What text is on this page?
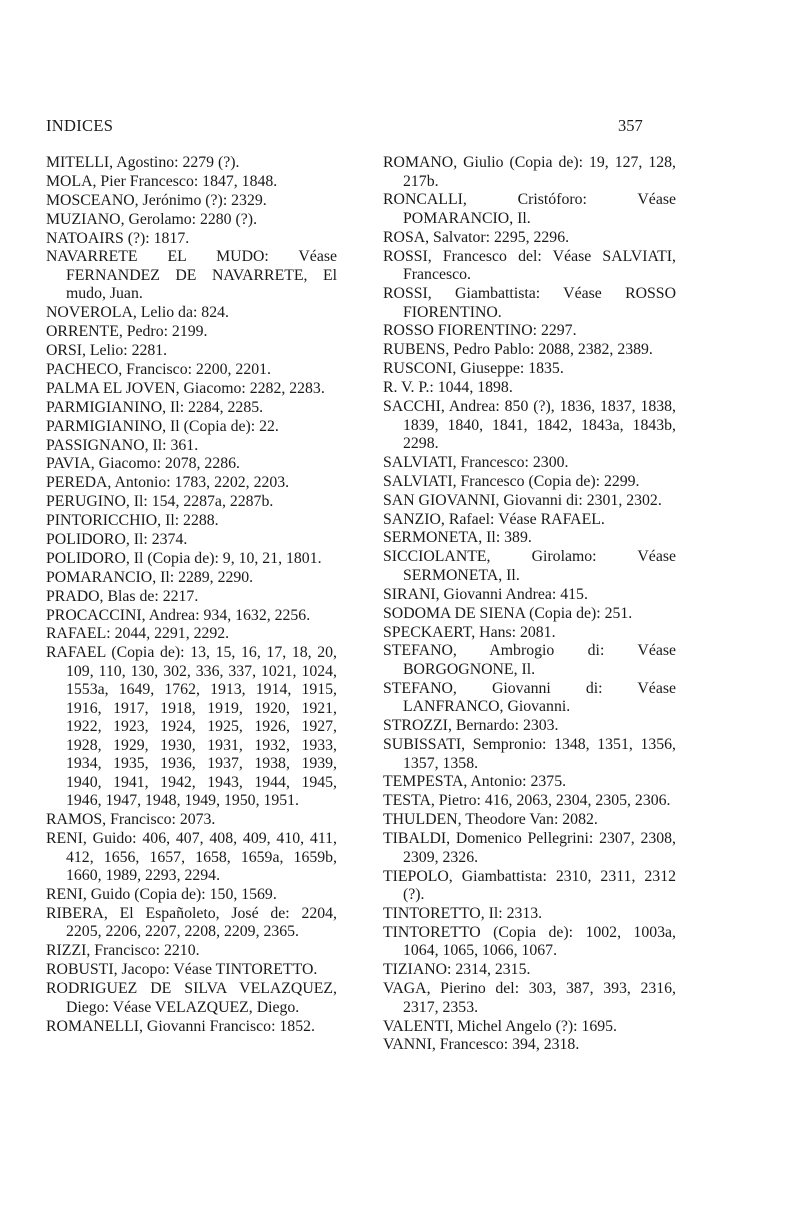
INDICES	357

MITELLI, Agostino: 2279 (?).

MOLA, Pier Francesco: 1847, 1848.

MOSCEANO, Jerónimo (?): 2329.

MUZIANO, Gerolamo: 2280 (?).

NATOAIRS (?): 1817.

NAVARRETE EL MUDO: Véase FERNANDEZ DE NAVARRETE, El mudo, Juan.

NOVEROLA, Lelio da: 824.

ORRENTE, Pedro: 2199.

ORSI, Lelio: 2281.

PACHECO, Francisco: 2200, 2201.

PALMA EL JOVEN, Giacomo: 2282, 2283.

PARMIGIANINO, Il: 2284, 2285.

PARMIGIANINO, Il (Copia de): 22.

PASSIGNANO, Il: 361.

PAVIA, Giacomo: 2078, 2286.

PEREDA, Antonio: 1783, 2202, 2203.

PERUGINO, Il: 154, 2287a, 2287b.

PINTORICCHIO, Il: 2288.

POLIDORO, Il: 2374.

POLIDORO, Il (Copia de): 9, 10, 21, 1801.

POMARANCIO, Il: 2289, 2290.

PRADO, Blas de: 2217.

PROCACCINI, Andrea: 934, 1632, 2256.

RAFAEL: 2044, 2291, 2292.

RAFAEL (Copia de): 13, 15, 16, 17, 18, 20, 109, 110, 130, 302, 336, 337, 1021, 1024, 1553a, 1649, 1762, 1913, 1914, 1915, 1916, 1917, 1918, 1919, 1920, 1921, 1922, 1923, 1924, 1925, 1926, 1927, 1928, 1929, 1930, 1931, 1932, 1933, 1934, 1935, 1936, 1937, 1938, 1939, 1940, 1941, 1942, 1943, 1944, 1945, 1946, 1947, 1948, 1949, 1950, 1951.

RAMOS, Francisco: 2073.

RENI, Guido: 406, 407, 408, 409, 410, 411, 412, 1656, 1657, 1658, 1659a, 1659b, 1660, 1989, 2293, 2294.

RENI, Guido (Copia de): 150, 1569.

RIBERA, El Españoleto, José de: 2204, 2205, 2206, 2207, 2208, 2209, 2365.

RIZZI, Francisco: 2210.

ROBUSTI, Jacopo: Véase TINTORETTO.

RODRIGUEZ DE SILVA VELAZQUEZ, Diego: Véase VELAZQUEZ, Diego.

ROMANELLI, Giovanni Francisco: 1852.

ROMANO, Giulio (Copia de): 19, 127, 128, 217b.

RONCALLI, Cristóforo: Véase POMARANCIO, Il.

ROSA, Salvator: 2295, 2296.

ROSSI, Francesco del: Véase SALVIATI, Francesco.

ROSSI, Giambattista: Véase ROSSO FIORENTINO.

ROSSO FIORENTINO: 2297.

RUBENS, Pedro Pablo: 2088, 2382, 2389.

RUSCONI, Giuseppe: 1835.

R. V. P.: 1044, 1898.

SACCHI, Andrea: 850 (?), 1836, 1837, 1838, 1839, 1840, 1841, 1842, 1843a, 1843b, 2298.

SALVIATI, Francesco: 2300.

SALVIATI, Francesco (Copia de): 2299.

SAN GIOVANNI, Giovanni di: 2301, 2302.

SANZIO, Rafael: Véase RAFAEL.

SERMONETA, Il: 389.

SICCIOLANTE, Girolamo: Véase SERMONETA, Il.

SIRANI, Giovanni Andrea: 415.

SODOMA DE SIENA (Copia de): 251.

SPECKAERT, Hans: 2081.

STEFANO, Ambrogio di: Véase BORGOGNONE, Il.

STEFANO, Giovanni di: Véase LANFRANCO, Giovanni.

STROZZI, Bernardo: 2303.

SUBISSATI, Sempronio: 1348, 1351, 1356, 1357, 1358.

TEMPESTA, Antonio: 2375.

TESTA, Pietro: 416, 2063, 2304, 2305, 2306.

THULDEN, Theodore Van: 2082.

TIBALDI, Domenico Pellegrini: 2307, 2308, 2309, 2326.

TIEPOLO, Giambattista: 2310, 2311, 2312 (?).

TINTORETTO, Il: 2313.

TINTORETTO (Copia de): 1002, 1003a, 1064, 1065, 1066, 1067.

TIZIANO: 2314, 2315.

VAGA, Pierino del: 303, 387, 393, 2316, 2317, 2353.

VALENTI, Michel Angelo (?): 1695.

VANNI, Francesco: 394, 2318.
